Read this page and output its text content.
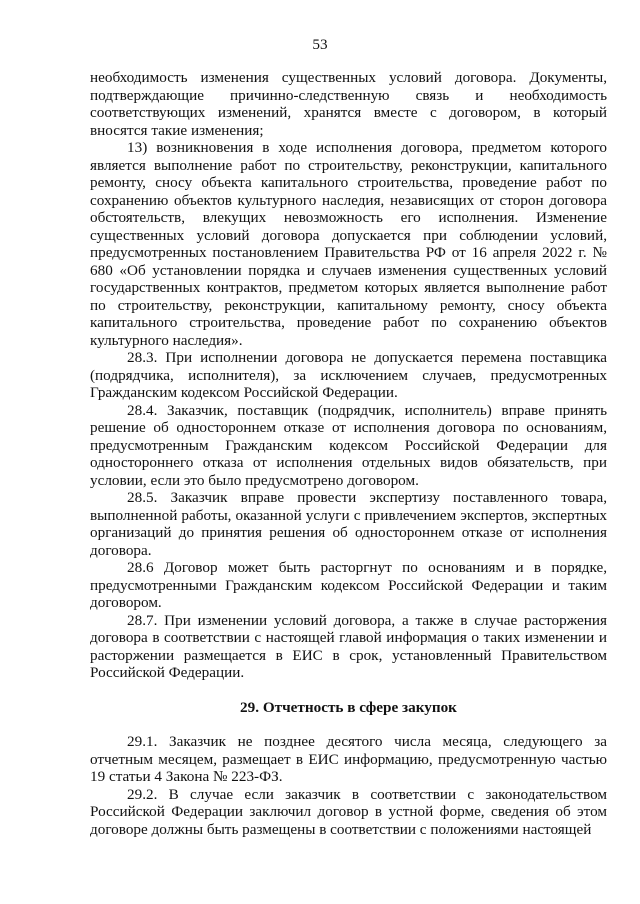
53

необходимость изменения существенных условий договора. Документы, подтверждающие причинно-следственную связь и необходимость соответствующих изменений, хранятся вместе с договором, в который вносятся такие изменения;

13) возникновения в ходе исполнения договора, предметом которого является выполнение работ по строительству, реконструкции, капитального ремонту, сносу объекта капитального строительства, проведение работ по сохранению объектов культурного наследия, независящих от сторон договора обстоятельств, влекущих невозможность его исполнения. Изменение существенных условий договора допускается при соблюдении условий, предусмотренных постановлением Правительства РФ от 16 апреля 2022 г. № 680 «Об установлении порядка и случаев изменения существенных условий государственных контрактов, предметом которых является выполнение работ по строительству, реконструкции, капитальному ремонту, сносу объекта капитального строительства, проведение работ по сохранению объектов культурного наследия».

28.3. При исполнении договора не допускается перемена поставщика (подрядчика, исполнителя), за исключением случаев, предусмотренных Гражданским кодексом Российской Федерации.

28.4. Заказчик, поставщик (подрядчик, исполнитель) вправе принять решение об одностороннем отказе от исполнения договора по основаниям, предусмотренным Гражданским кодексом Российской Федерации для одностороннего отказа от исполнения отдельных видов обязательств, при условии, если это было предусмотрено договором.

28.5. Заказчик вправе провести экспертизу поставленного товара, выполненной работы, оказанной услуги с привлечением экспертов, экспертных организаций до принятия решения об одностороннем отказе от исполнения договора.

28.6 Договор может быть расторгнут по основаниям и в порядке, предусмотренными Гражданским кодексом Российской Федерации и таким договором.

28.7. При изменении условий договора, а также в случае расторжения договора в соответствии с настоящей главой информация о таких изменении и расторжении размещается в ЕИС в срок, установленный Правительством Российской Федерации.

29. Отчетность в сфере закупок

29.1. Заказчик не позднее десятого числа месяца, следующего за отчетным месяцем, размещает в ЕИС информацию, предусмотренную частью 19 статьи 4 Закона № 223-ФЗ.

29.2. В случае если заказчик в соответствии с законодательством Российской Федерации заключил договор в устной форме, сведения об этом договоре должны быть размещены в соответствии с положениями настоящей
